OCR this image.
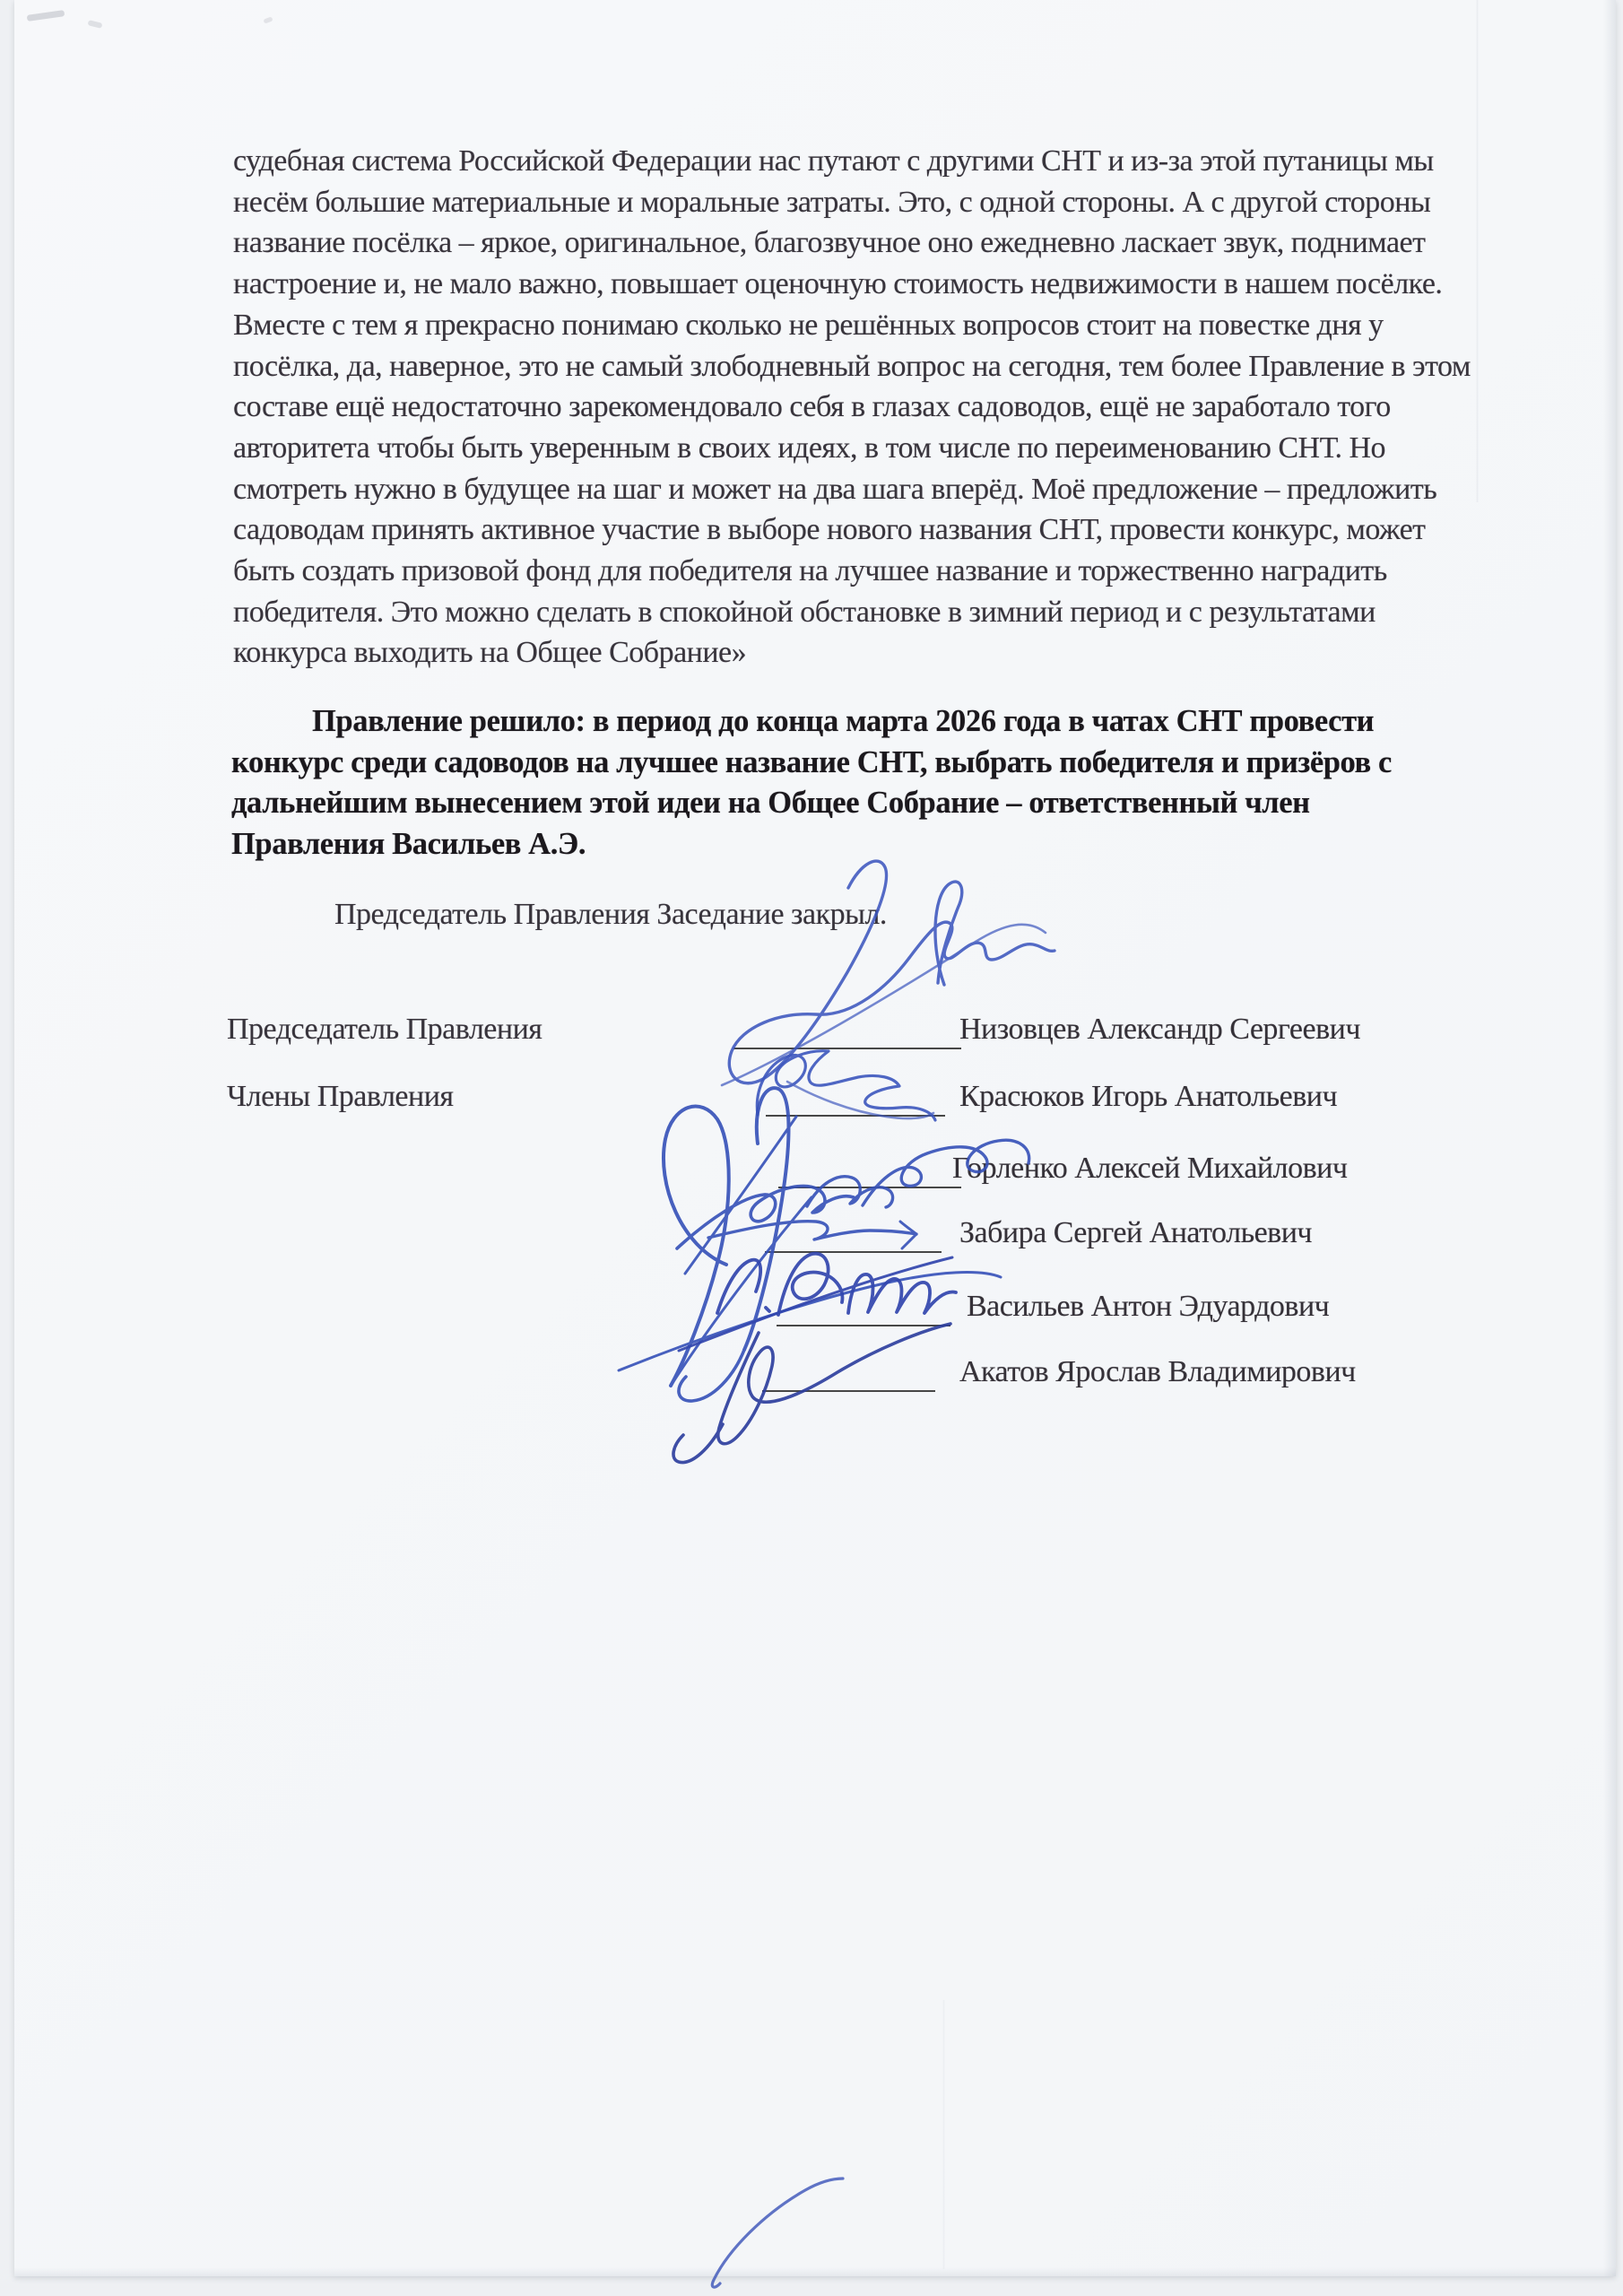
судебная система Российской Федерации нас путают с другими СНТ и из-за этой путаницы мы
несём большие материальные и моральные затраты. Это, с одной стороны. А с другой стороны
название посёлка – яркое, оригинальное, благозвучное оно ежедневно ласкает звук, поднимает
настроение и, не мало важно, повышает оценочную стоимость недвижимости в нашем посёлке.
Вместе с тем я прекрасно понимаю сколько не решённых вопросов стоит на повестке дня у
посёлка, да, наверное, это не самый злободневный вопрос на сегодня, тем более Правление в этом
составе ещё недостаточно зарекомендовало себя в глазах садоводов, ещё не заработало того
авторитета чтобы быть уверенным в своих идеях, в том числе по переименованию СНТ. Но
смотреть нужно в будущее на шаг и может на два шага вперёд. Моё предложение – предложить
садоводам принять активное участие в выборе нового названия СНТ, провести конкурс, может
быть создать призовой фонд для победителя на лучшее название и торжественно наградить
победителя. Это можно сделать в спокойной обстановке в зимний период и с результатами
конкурса выходить на Общее Собрание»
Правление решило: в период до конца марта 2026 года в чатах СНТ провести
конкурс среди садоводов на лучшее название СНТ, выбрать победителя и призёров с
дальнейшим вынесением этой идеи на Общее Собрание – ответственный член
Правления Васильев А.Э.
Председатель Правления Заседание закрыл.
Председатель Правления
Члены Правления
Низовцев Александр Сергеевич
Красюков Игорь Анатольевич
Горленко Алексей Михайлович
Забира Сергей Анатольевич
Васильев Антон Эдуардович
Акатов Ярослав Владимирович
